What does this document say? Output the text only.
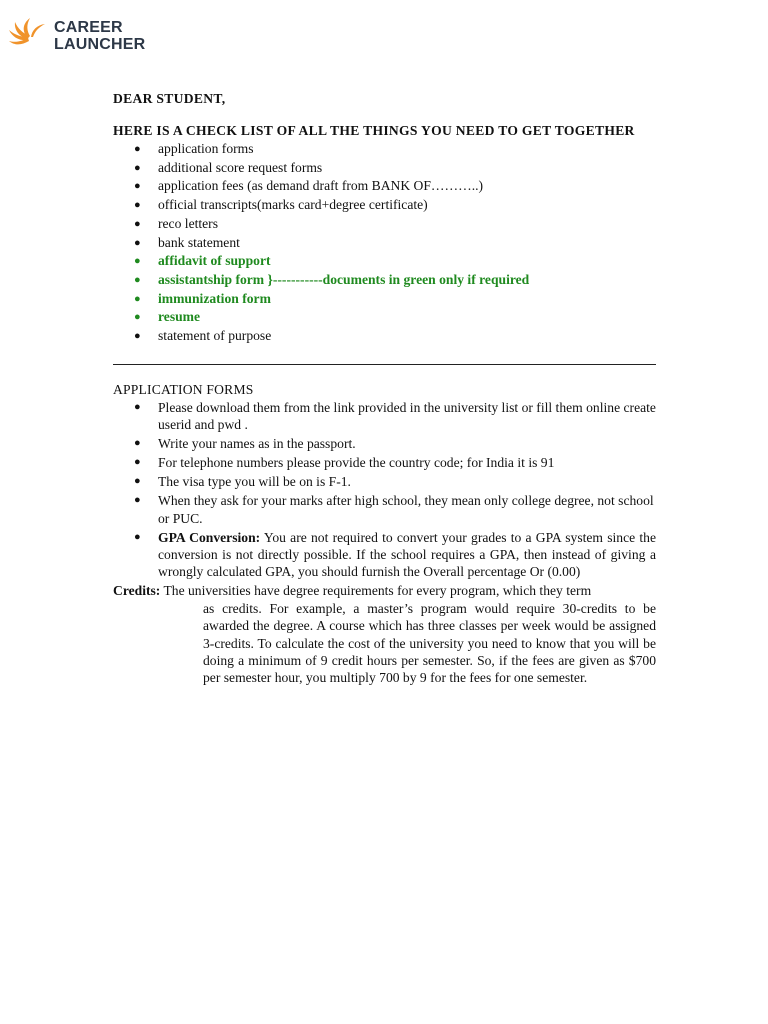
CAREER
LAUNCHER

DEAR STUDENT,

HERE IS A CHECK LIST OF ALL THE THINGS YOU NEED TO GET TOGETHER

● application forms
● additional score request forms
● application fees (as demand draft from BANK OF………..)
● official transcripts(marks card+degree certificate)
● reco letters
● bank statement
● affidavit of support
● assistantship form }-----------documents in green only if required
● immunization form
● resume
● statement of purpose

APPLICATION FORMS

● Please download them from the link provided in the university list or fill them online create userid and pwd .
● Write your names as in the passport.
● For telephone numbers please provide the country code; for India it is 91
● The visa type you will be on is F-1.
● When they ask for your marks after high school, they mean only college degree, not school or PUC.
● GPA Conversion: You are not required to convert your grades to a GPA system since the conversion is not directly possible. If the school requires a GPA, then instead of giving a wrongly calculated GPA, you should furnish the Overall percentage Or (0.00)
Credits: The universities have degree requirements for every program, which they term
as credits. For example, a master’s program would require 30-credits to be awarded the degree. A course which has three classes per week would be assigned 3-credits. To calculate the cost of the university you need to know that you will be doing a minimum of 9 credit hours per semester. So, if the fees are given as $700 per semester hour, you multiply 700 by 9 for the fees for one semester.
